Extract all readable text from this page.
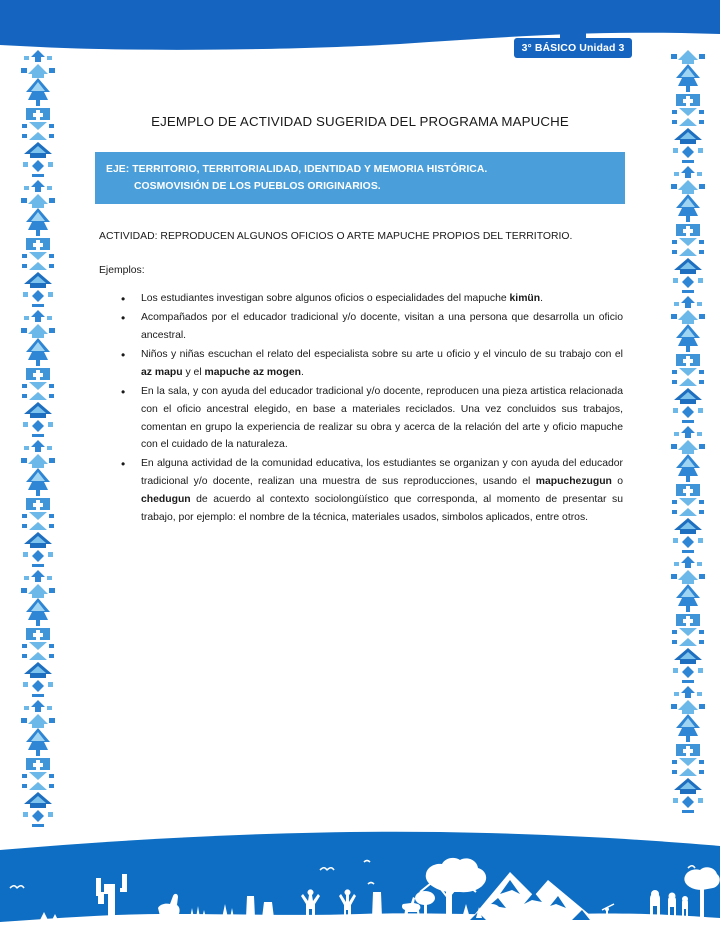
3° BÁSICO Unidad 3
EJEMPLO DE ACTIVIDAD SUGERIDA DEL PROGRAMA MAPUCHE
EJE: TERRITORIO, TERRITORIALIDAD, IDENTIDAD Y MEMORIA HISTÓRICA.
COSMOVISIÓN DE LOS PUEBLOS ORIGINARIOS.
ACTIVIDAD: REPRODUCEN ALGUNOS OFICIOS O ARTE MAPUCHE PROPIOS DEL TERRITORIO.
Ejemplos:
• Los estudiantes investigan sobre algunos oficios o especialidades del mapuche kimün.
• Acompañados por el educador tradicional y/o docente, visitan a una persona que desarrolla un oficio ancestral.
• Niños y niñas escuchan el relato del especialista sobre su arte u oficio y el vinculo de su trabajo con el az mapu y el mapuche az mogen.
• En la sala, y con ayuda del educador tradicional y/o docente, reproducen una pieza artistica relacionada con el oficio ancestral elegido, en base a materiales reciclados. Una vez concluidos sus trabajos, comentan en grupo la experiencia de realizar su obra y acerca de la relación del arte y oficio mapuche con el cuidado de la naturaleza.
• En alguna actividad de la comunidad educativa, los estudiantes se organizan y con ayuda del educador tradicional y/o docente, realizan una muestra de sus reproducciones, usando el mapuchezugun o chedugun de acuerdo al contexto sociolongüístico que corresponda, al momento de presentar su trabajo, por ejemplo: el nombre de la técnica, materiales usados, simbolos aplicados, entre otros.
